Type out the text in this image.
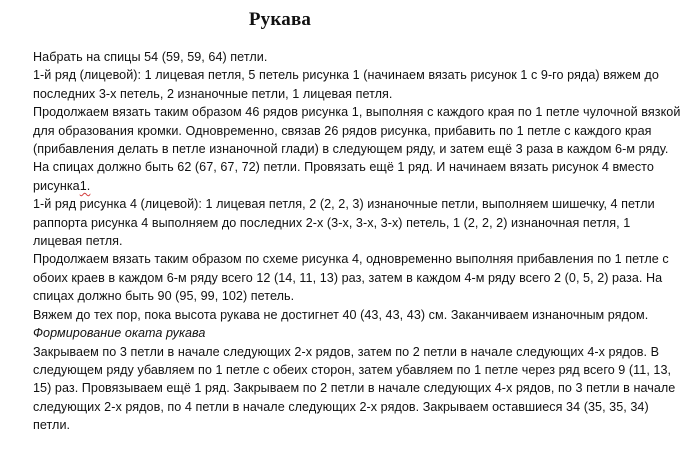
Рукава

Набрать на спицы 54 (59, 59, 64) петли.

1-й ряд (лицевой): 1 лицевая петля, 5 петель рисунка 1 (начинаем вязать рисунок 1 с 9-го ряда) вяжем до последних 3-х петель, 2 изнаночные петли, 1 лицевая петля.

Продолжаем вязать таким образом 46 рядов рисунка 1, выполняя с каждого края по 1 петле чулочной вязкой для образования кромки. Одновременно, связав 26 рядов рисунка, прибавить по 1 петле с каждого края (прибавления делать в петле изнаночной глади) в следующем ряду, и затем ещё 3 раза в каждом 6-м ряду. На спицах должно быть 62 (67, 67, 72) петли. Провязать ещё 1 ряд. И начинаем вязать рисунок 4 вместо рисунка1.

1-й ряд рисунка 4 (лицевой): 1 лицевая петля, 2 (2, 2, 3) изнаночные петли, выполняем шишечку, 4 петли раппорта рисунка 4 выполняем до последних 2-х (3-х, 3-х, 3-х) петель, 1 (2, 2, 2) изнаночная петля, 1 лицевая петля.

Продолжаем вязать таким образом по схеме рисунка 4, одновременно выполняя прибавления по 1 петле с обоих краев в каждом 6-м ряду всего 12 (14, 11, 13) раз, затем в каждом 4-м ряду всего 2 (0, 5, 2) раза. На спицах должно быть 90 (95, 99, 102) петель.

Вяжем до тех пор, пока высота рукава не достигнет 40 (43, 43, 43) см. Заканчиваем изнаночным рядом.

Формирование оката рукава

Закрываем по 3 петли в начале следующих 2-х рядов, затем по 2 петли в начале следующих 4-х рядов. В следующем ряду убавляем по 1 петле с обеих сторон, затем убавляем по 1 петле через ряд всего 9 (11, 13, 15) раз. Провязываем ещё 1 ряд. Закрываем по 2 петли в начале следующих 4-х рядов, по 3 петли в начале следующих 2-х рядов, по 4 петли в начале следующих 2-х рядов. Закрываем оставшиеся 34 (35, 35, 34) петли.
